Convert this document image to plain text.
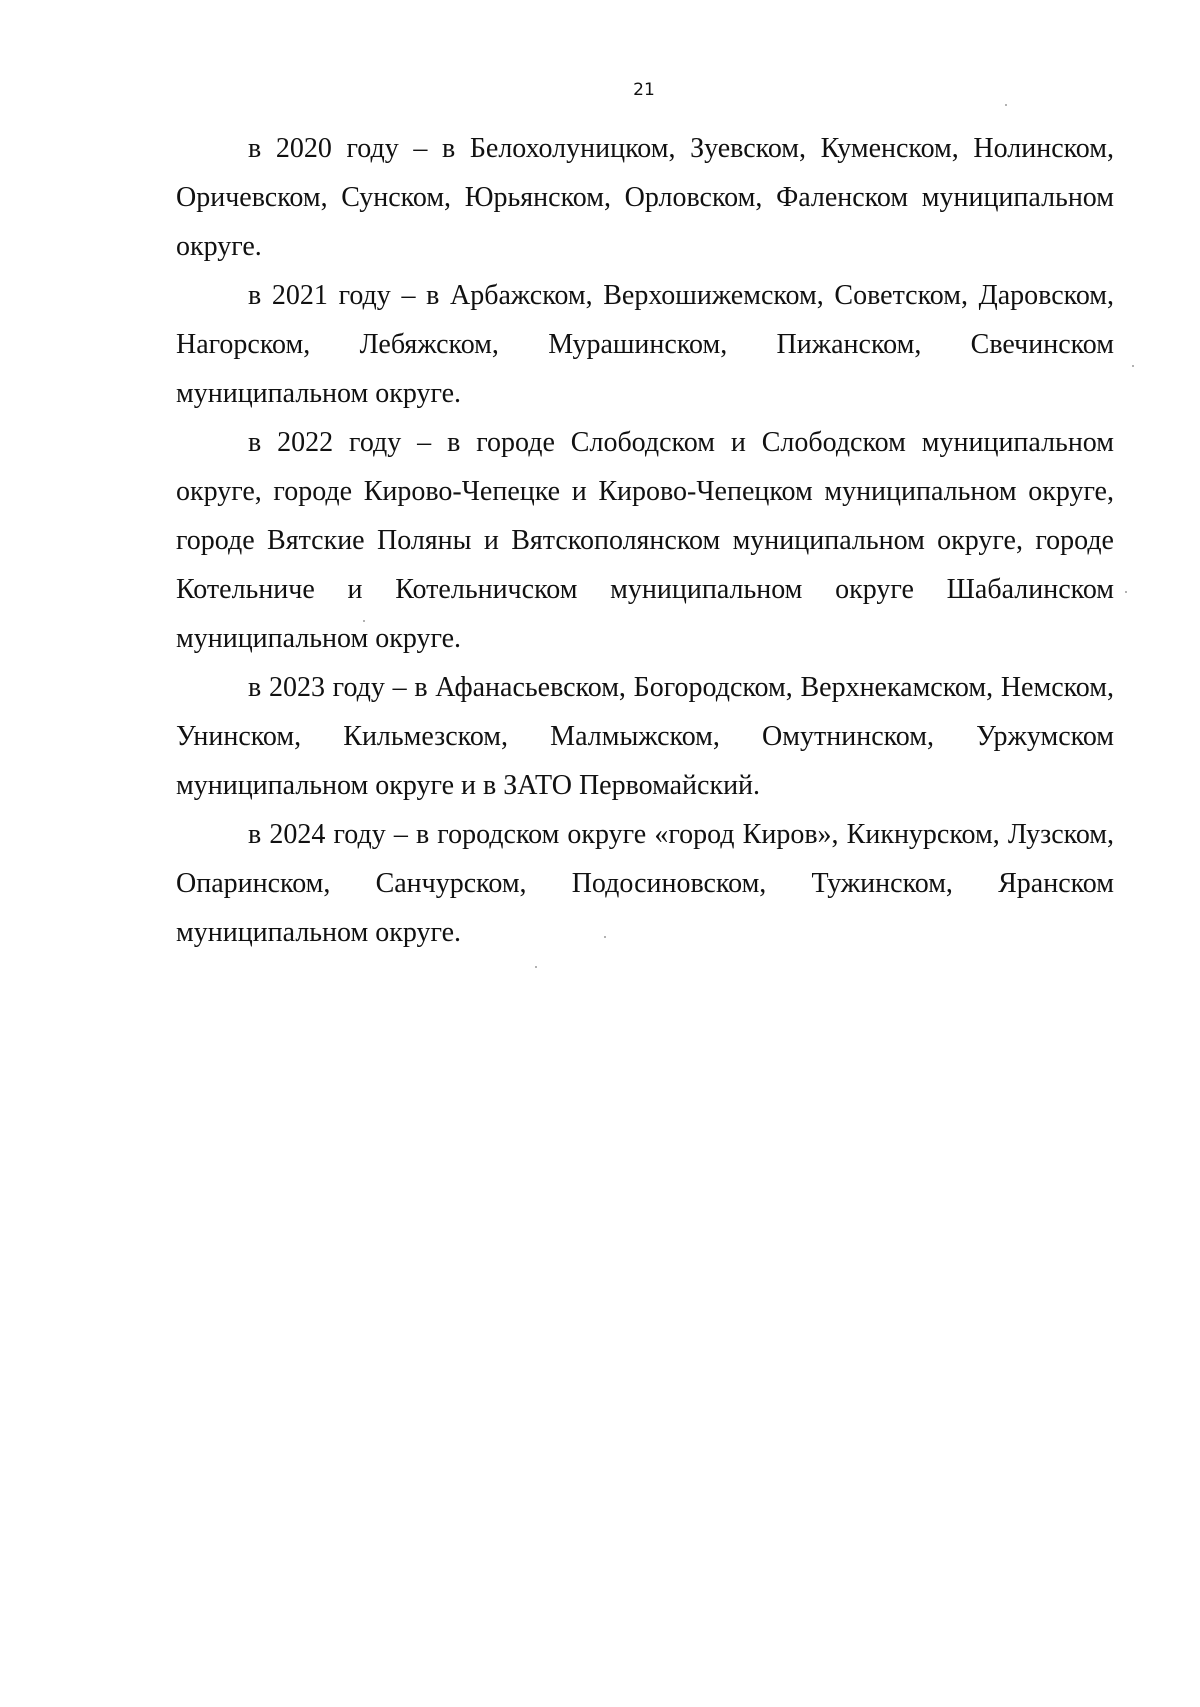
21

в 2020 году – в Белохолуницком, Зуевском, Куменском, Нолинском, Оричевском, Сунском, Юрьянском, Орловском, Фаленском муниципальном округе.

в 2021 году – в Арбажском, Верхошижемском, Советском, Даровском, Нагорском, Лебяжском, Мурашинском, Пижанском, Свечинском муниципальном округе.

в 2022 году – в городе Слободском и Слободском муниципальном округе, городе Кирово-Чепецке и Кирово-Чепецком муниципальном округе, городе Вятские Поляны и Вятскополянском муниципальном округе, городе Котельниче и Котельничском муниципальном округе Шабалинском муниципальном округе.

в 2023 году – в Афанасьевском, Богородском, Верхнекамском, Немском, Унинском, Кильмезском, Малмыжском, Омутнинском, Уржумском муниципальном округе и в ЗАТО Первомайский.

в 2024 году – в городском округе «город Киров», Кикнурском, Лузском, Опаринском, Санчурском, Подосиновском, Тужинском, Яранском муниципальном округе.
